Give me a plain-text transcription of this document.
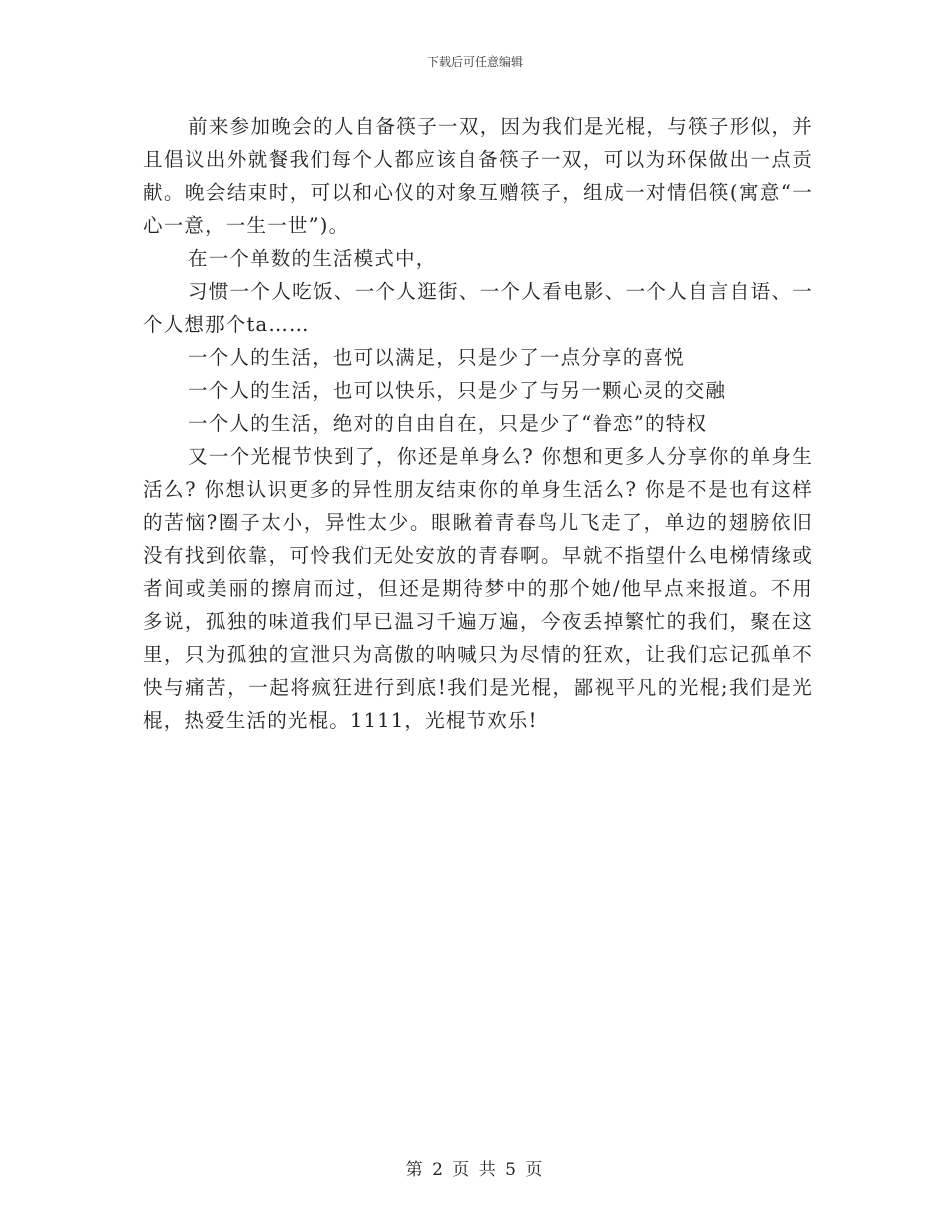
下载后可任意编辑

前来参加晚会的人自备筷子一双，因为我们是光棍，与筷子形似，并且倡议出外就餐我们每个人都应该自备筷子一双，可以为环保做出一点贡献。晚会结束时，可以和心仪的对象互赠筷子，组成一对情侣筷(寓意“一心一意，一生一世”)。

在一个单数的生活模式中，

习惯一个人吃饭、一个人逛街、一个人看电影、一个人自言自语、一个人想那个ta……

一个人的生活，也可以满足，只是少了一点分享的喜悦

一个人的生活，也可以快乐，只是少了与另一颗心灵的交融

一个人的生活，绝对的自由自在，只是少了“眷恋”的特权

又一个光棍节快到了，你还是单身么? 你想和更多人分享你的单身生活么? 你想认识更多的异性朋友结束你的单身生活么? 你是不是也有这样的苦恼?圈子太小，异性太少。眼瞅着青春鸟儿飞走了，单边的翅膀依旧没有找到依靠，可怜我们无处安放的青春啊。早就不指望什么电梯情缘或者间或美丽的擦肩而过，但还是期待梦中的那个她/他早点来报道。不用多说，孤独的味道我们早已温习千遍万遍，今夜丢掉繁忙的我们，聚在这里，只为孤独的宣泄只为高傲的呐喊只为尽情的狂欢，让我们忘记孤单不快与痛苦，一起将疯狂进行到底!我们是光棍，鄙视平凡的光棍;我们是光棍，热爱生活的光棍。1111，光棍节欢乐!

第 2 页 共 5 页
